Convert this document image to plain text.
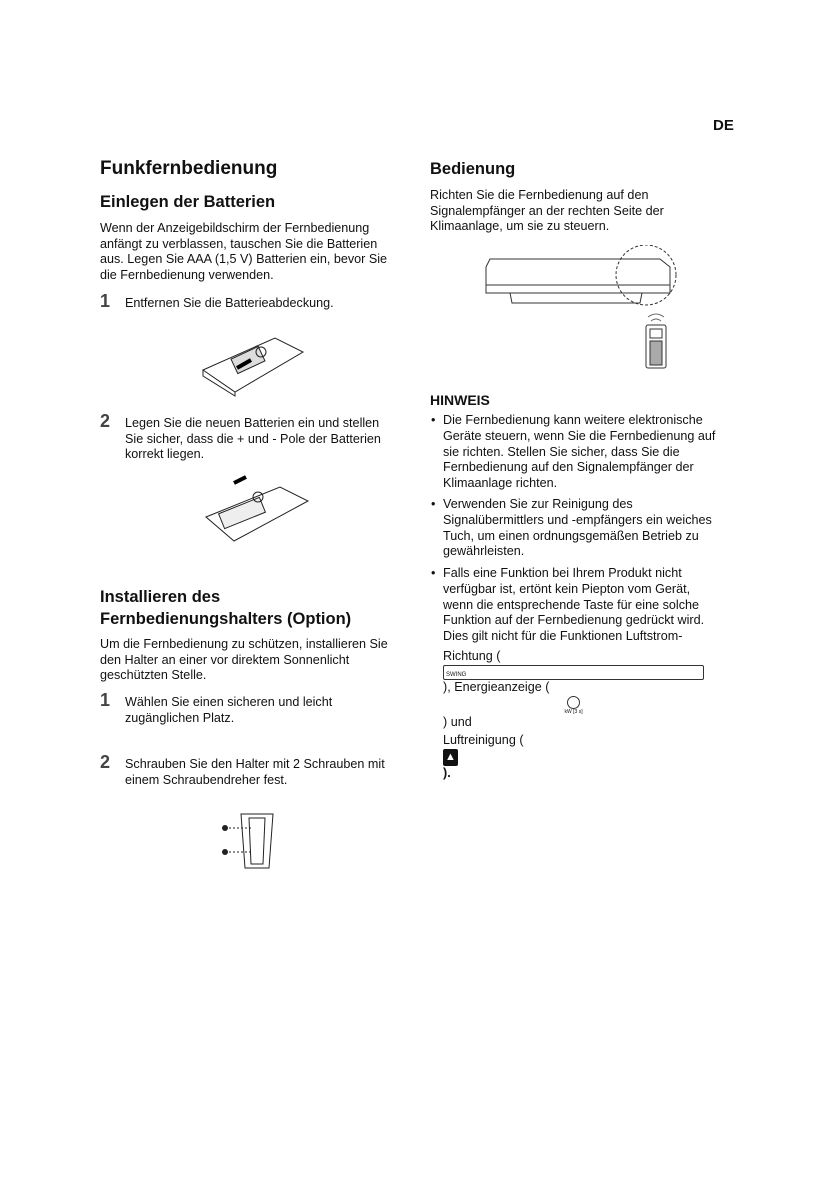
DE
Funkfernbedienung
Einlegen der Batterien
Wenn der Anzeigebildschirm der Fernbedienung
anfängt zu verblassen, tauschen Sie die Batterien
aus. Legen Sie AAA (1,5 V) Batterien ein, bevor Sie
die Fernbedienung verwenden.
1 Entfernen Sie die Batterieabdeckung.
2 Legen Sie die neuen Batterien ein und stellen
Sie sicher, dass die + und - Pole der Batterien
korrekt liegen.
Installieren des
Fernbedienungshalters (Option)
Um die Fernbedienung zu schützen, installieren Sie
den Halter an einer vor direktem Sonnenlicht
geschützten Stelle.
1 Wählen Sie einen sicheren und leicht
zugänglichen Platz.
2 Schrauben Sie den Halter mit 2 Schrauben mit
einem Schraubendreher fest.
Bedienung
Richten Sie die Fernbedienung auf den
Signalempfänger an der rechten Seite der
Klimaanlage, um sie zu steuern.
HINWEIS
• Die Fernbedienung kann weitere elektronische
Geräte steuern, wenn Sie die Fernbedienung auf
sie richten. Stellen Sie sicher, dass Sie die
Fernbedienung auf den Signalempfänger der
Klimaanlage richten.
• Verwenden Sie zur Reinigung des
Signalübermittlers und -empfängers ein weiches
Tuch, um einen ordnungsgemäßen Betrieb zu
gewährleisten.
• Falls eine Funktion bei Ihrem Produkt nicht
verfügbar ist, ertönt kein Piepton vom Gerät,
wenn die entsprechende Taste für eine solche
Funktion auf der Fernbedienung gedrückt wird.
Dies gilt nicht für die Funktionen Luftstrom-
Richtung (
SWING
), Energieanzeige (
kW [3 s]
) und
Luftreinigung (
▲
).
